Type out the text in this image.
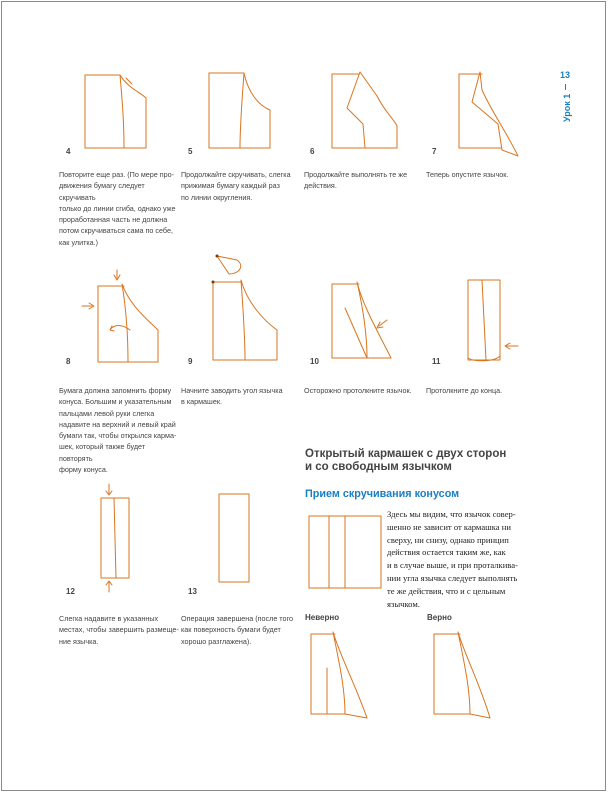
13
Урок 1
4
Повторите еще раз. (По мере про-
движения бумагу следует скручивать
только до линии сгиба, однако уже
проработанная часть не должна
потом скручиваться сама по себе,
как улитка.)
5
Продолжайте скручивать, слегка
прижимая бумагу каждый раз
по линии округления.
6
Продолжайте выполнять те же
действия.
7
Теперь опустите язычок.
8
Бумага должна запомнить форму
конуса. Большим и указательным
пальцами левой руки слегка
надавите на верхний и левый край
бумаги так, чтобы открылся карма-
шек, который также будет повторять
форму конуса.
9
Начните заводить угол язычка
в кармашек.
10
Осторожно протолкните язычок.
11
Протолкните до конца.
12
Слегка надавите в указанных
местах, чтобы завершить размеще-
ние язычка.
13
Операция завершена (после того
как поверхность бумаги будет
хорошо разглажена).
Открытый кармашек с двух сторон
и со свободным язычком
Прием скручивания конусом
Здесь мы видим, что язычок совер-
шенно не зависит от кармашка ни
сверху, ни снизу, однако принцип
действия остается таким же, как
и в случае выше, и при проталкива-
нии угла язычка следует выполнять
те же действия, что и с цельным
язычком.
Неверно	Верно
